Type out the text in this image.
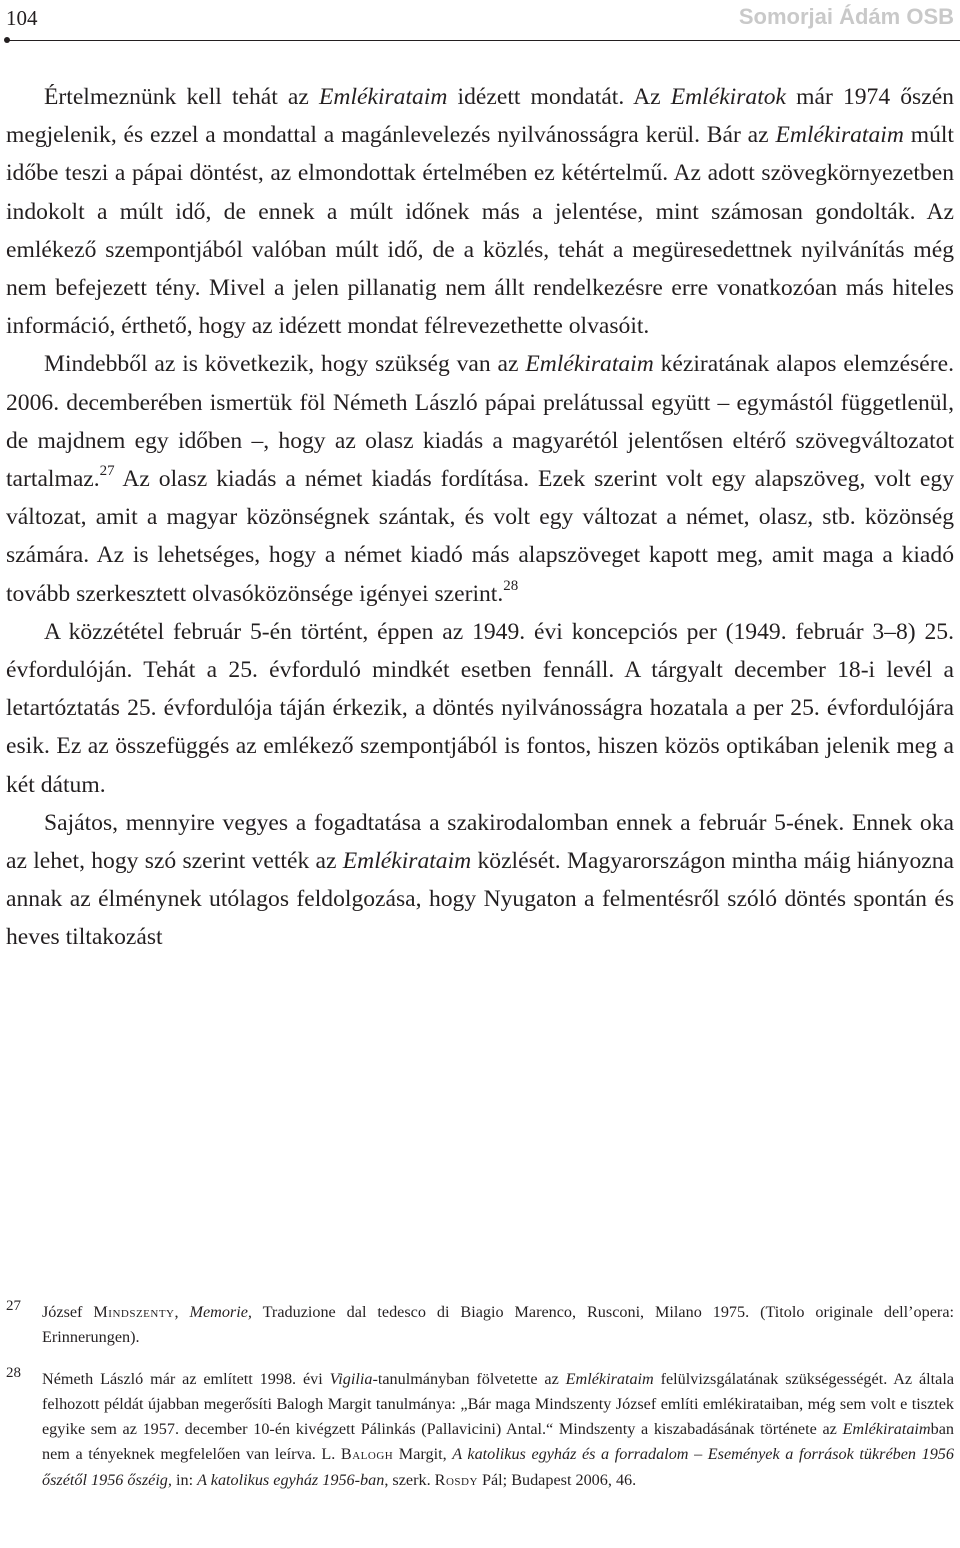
104	Somorjai Ádám OSB

Értelmeznünk kell tehát az Emlékirataim idézett mondatát. Az Emlékiratok már 1974 őszén megjelenik, és ezzel a mondattal a magánlevelezés nyilvánosságra kerül. Bár az Emlékirataim múlt időbe teszi a pápai döntést, az elmondottak értelmében ez kétértelmű. Az adott szövegkörnyezetben indokolt a múlt idő, de ennek a múlt időnek más a jelentése, mint számosan gondolták. Az emlékező szempontjából valóban múlt idő, de a közlés, tehát a megüresedettnek nyilvánítás még nem befejezett tény. Mivel a jelen pillanatig nem állt rendelkezésre erre vonatkozóan más hiteles információ, érthető, hogy az idézett mondat félrevezethette olvasóit.

Mindebből az is következik, hogy szükség van az Emlékirataim kéziratának alapos elemzésére. 2006. decemberében ismertük föl Németh László pápai prelátussal együtt – egymástól függetlenül, de majdnem egy időben –, hogy az olasz kiadás a magyarétól jelentősen eltérő szövegváltozatot tartalmaz.$^{27}$ Az olasz kiadás a német kiadás fordítása. Ezek szerint volt egy alapszöveg, volt egy változat, amit a magyar közönségnek szántak, és volt egy változat a német, olasz, stb. közönség számára. Az is lehetséges, hogy a német kiadó más alapszöveget kapott meg, amit maga a kiadó tovább szerkesztett olvasóközönsége igényei szerint.$^{28}$

A közzététel február 5-én történt, éppen az 1949. évi koncepciós per (1949. február 3–8) 25. évfordulóján. Tehát a 25. évforduló mindkét esetben fennáll. A tárgyalt december 18-i levél a letartóztatás 25. évfordulója táján érkezik, a döntés nyilvánosságra hozatala a per 25. évfordulójára esik. Ez az összefüggés az emlékező szempontjából is fontos, hiszen közös optikában jelenik meg a két dátum.

Sajátos, mennyire vegyes a fogadtatása a szakirodalomban ennek a február 5-ének. Ennek oka az lehet, hogy szó szerint vették az Emlékirataim közlését. Magyarországon mintha máig hiányozna annak az élménynek utólagos feldolgozása, hogy Nyugaton a felmentésről szóló döntés spontán és heves tiltakozást

27 József Mindszenty, Memorie, Traduzione dal tedesco di Biagio Marenco, Rusconi, Milano 1975. (Titolo originale dell’opera: Erinnerungen).
28 Németh László már az említett 1998. évi Vigilia-tanulmányban fölvetette az Emlékirataim felülvizsgálatának szükségességét. Az általa felhozott példát újabban megerősíti Balogh Margit tanulmánya: „Bár maga Mindszenty József említi emlékirataiban, még sem volt e tisztek egyike sem az 1957. december 10-én kivégzett Pálinkás (Pallavicini) Antal.“ Mindszenty a kiszabadásának története az Emlékirataimban nem a tényeknek megfelelően van leírva. L. Balogh Margit, A katolikus egyház és a forradalom – Események a források tükrében 1956 őszétől 1956 őszéig, in: A katolikus egyház 1956-ban, szerk. Rosdy Pál; Budapest 2006, 46.
